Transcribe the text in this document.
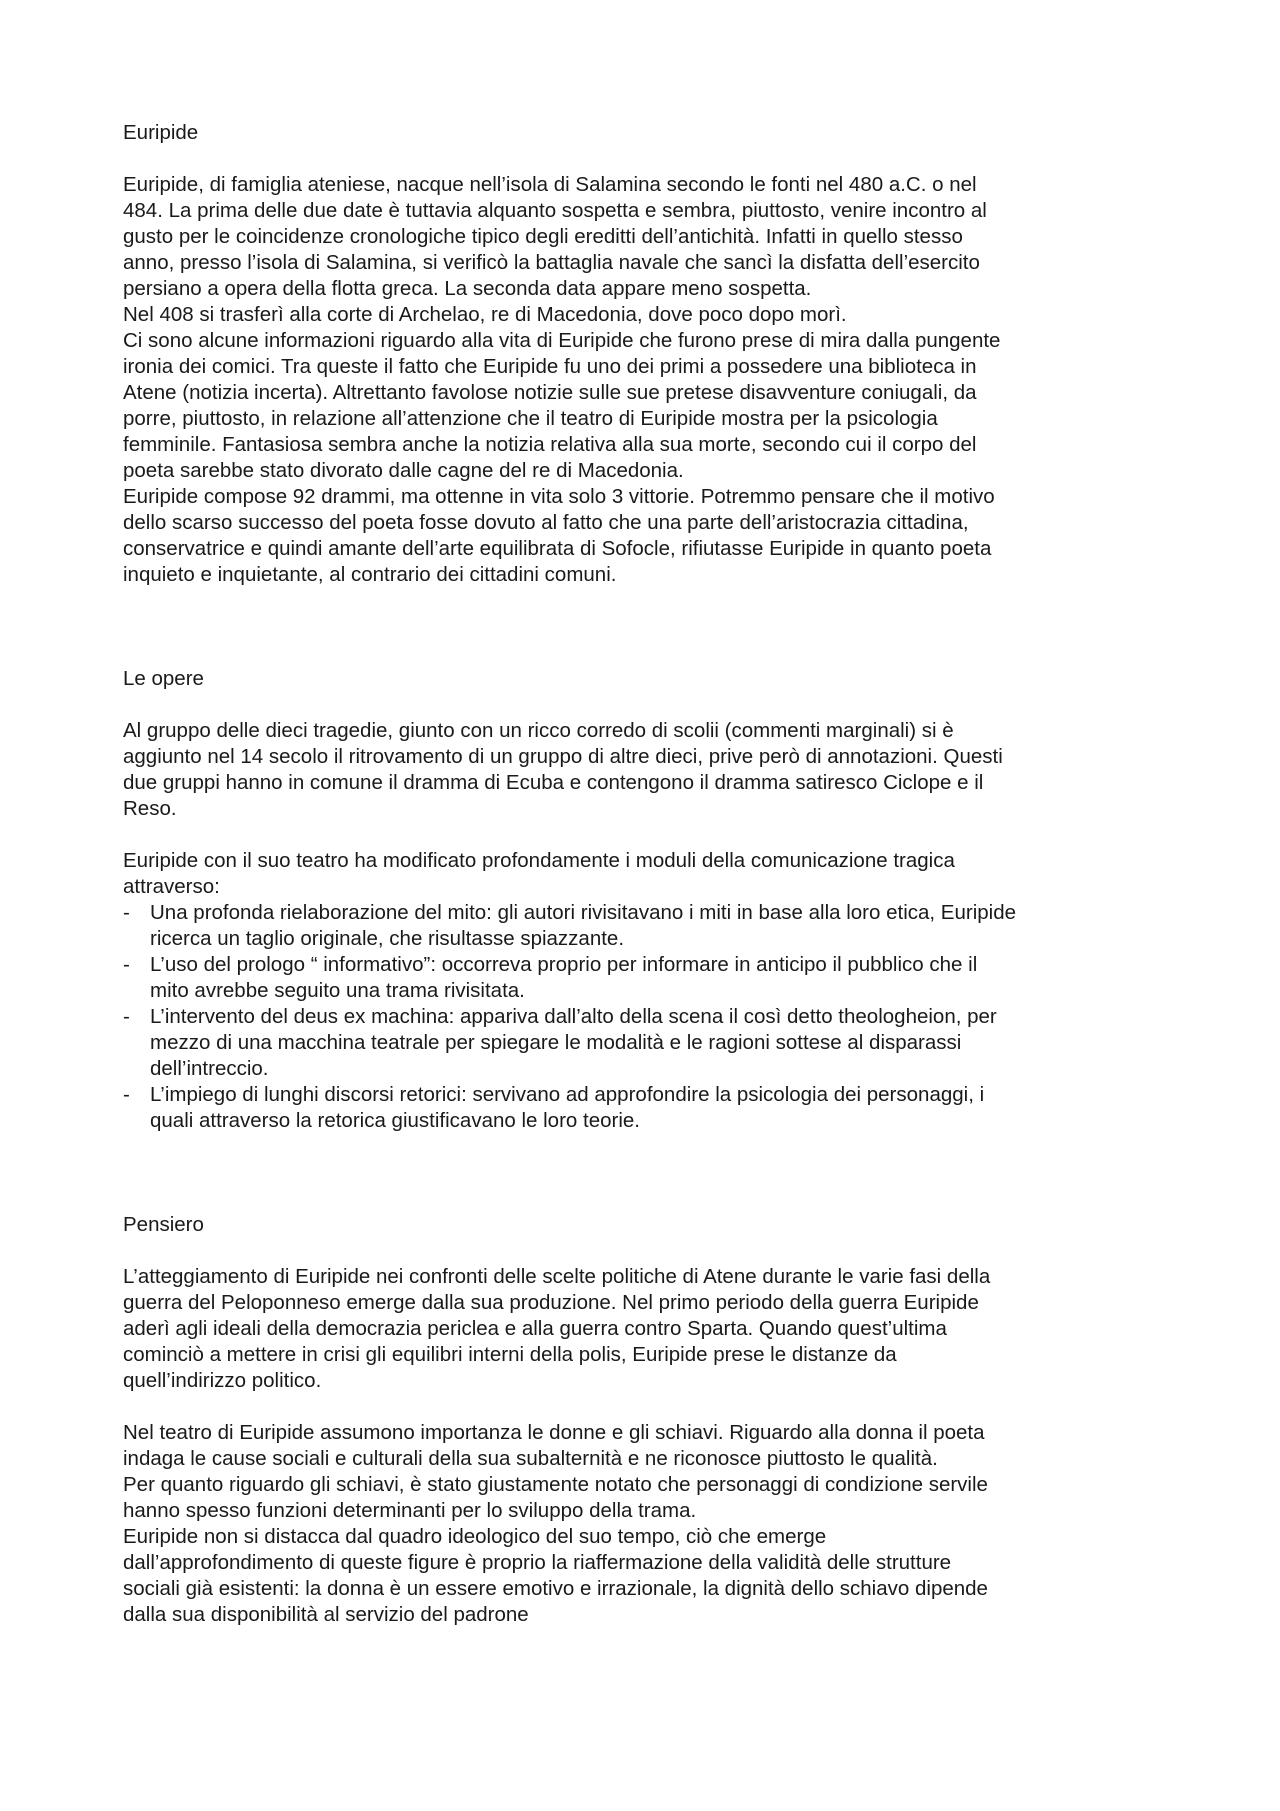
Euripide

Euripide, di famiglia ateniese, nacque nell’isola di Salamina secondo le fonti nel 480 a.C. o nel
484. La prima delle due date è tuttavia alquanto sospetta e sembra, piuttosto, venire incontro al
gusto per le coincidenze cronologiche tipico degli ereditti dell’antichità. Infatti in quello stesso
anno, presso l’isola di Salamina, si verificò la battaglia navale che sancì la disfatta dell’esercito
persiano a opera della flotta greca. La seconda data appare meno sospetta.
Nel 408 si trasferì alla corte di Archelao, re di Macedonia, dove poco dopo morì.
Ci sono alcune informazioni riguardo alla vita di Euripide che furono prese di mira dalla pungente
ironia dei comici. Tra queste il fatto che Euripide fu uno dei primi a possedere una biblioteca in
Atene (notizia incerta). Altrettanto favolose notizie sulle sue pretese disavventure coniugali, da
porre, piuttosto, in relazione all’attenzione che il teatro di Euripide mostra per la psicologia
femminile. Fantasiosa sembra anche la notizia relativa alla sua morte, secondo cui il corpo del
poeta sarebbe stato divorato dalle cagne del re di Macedonia.
Euripide compose 92 drammi, ma ottenne in vita solo 3 vittorie. Potremmo pensare che il motivo
dello scarso successo del poeta fosse dovuto al fatto che una parte dell’aristocrazia cittadina,
conservatrice e quindi amante dell’arte equilibrata di Sofocle, rifiutasse Euripide in quanto poeta
inquieto e inquietante, al contrario dei cittadini comuni.

Le opere

Al gruppo delle dieci tragedie, giunto con un ricco corredo di scolii (commenti marginali) si è
aggiunto nel 14 secolo il ritrovamento di un gruppo di altre dieci, prive però di annotazioni. Questi
due gruppi hanno in comune il dramma di Ecuba e contengono il dramma satiresco Ciclope e il
Reso.

Euripide con il suo teatro ha modificato profondamente i moduli della comunicazione tragica
attraverso:

- Una profonda rielaborazione del mito: gli autori rivisitavano i miti in base alla loro etica, Euripide
ricerca un taglio originale, che risultasse spiazzante.
- L’uso del prologo “ informativo”: occorreva proprio per informare in anticipo il pubblico che il
mito avrebbe seguito una trama rivisitata.
- L’intervento del deus ex machina: appariva dall’alto della scena il così detto theologheion, per
mezzo di una macchina teatrale per spiegare le modalità e le ragioni sottese al disparassi
dell’intreccio.
- L’impiego di lunghi discorsi retorici: servivano ad approfondire la psicologia dei personaggi, i
quali attraverso la retorica giustificavano le loro teorie.
Pensiero

L’atteggiamento di Euripide nei confronti delle scelte politiche di Atene durante le varie fasi della
guerra del Peloponneso emerge dalla sua produzione. Nel primo periodo della guerra Euripide
aderì agli ideali della democrazia periclea e alla guerra contro Sparta. Quando quest’ultima
cominciò a mettere in crisi gli equilibri interni della polis, Euripide prese le distanze da
quell’indirizzo politico.

Nel teatro di Euripide assumono importanza le donne e gli schiavi. Riguardo alla donna il poeta
indaga le cause sociali e culturali della sua subalternità e ne riconosce piuttosto le qualità.
Per quanto riguardo gli schiavi, è stato giustamente notato che personaggi di condizione servile
hanno spesso funzioni determinanti per lo sviluppo della trama.
Euripide non si distacca dal quadro ideologico del suo tempo, ciò che emerge
dall’approfondimento di queste figure è proprio la riaffermazione della validità delle strutture
sociali già esistenti: la donna è un essere emotivo e irrazionale, la dignità dello schiavo dipende
dalla sua disponibilità al servizio del padrone
